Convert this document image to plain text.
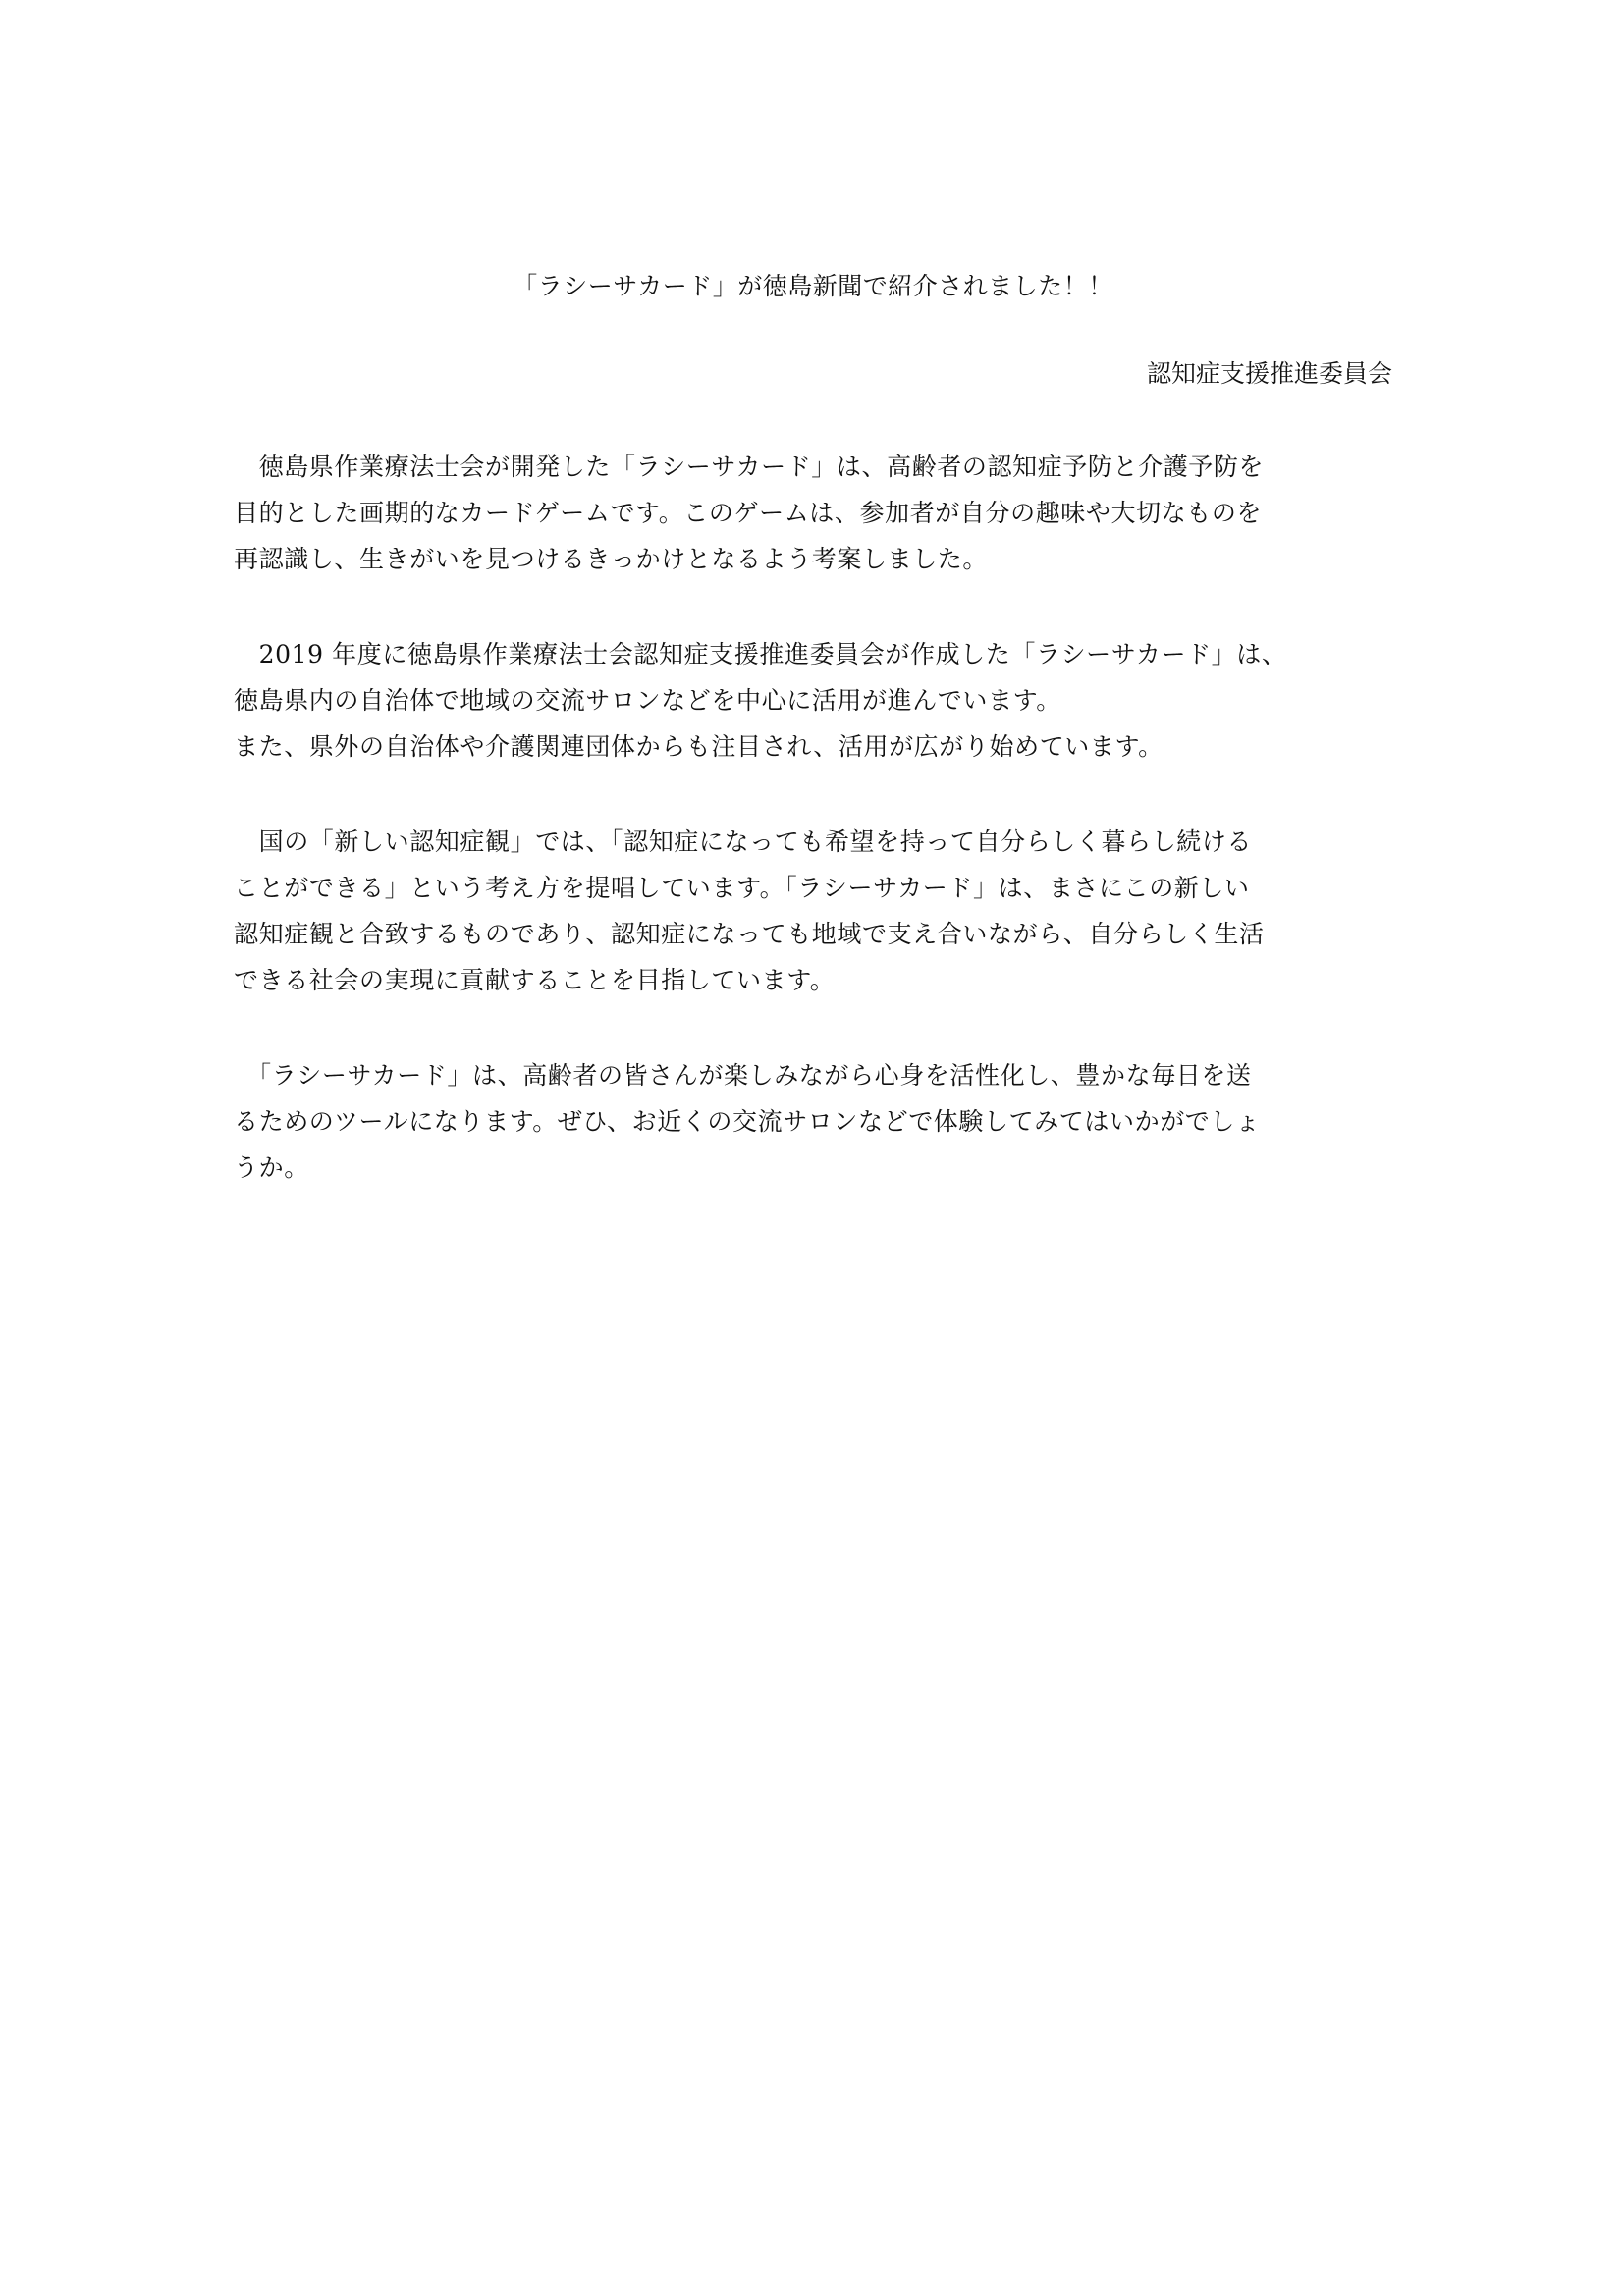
「ラシーサカード」が徳島新聞で紹介されました！！

認知症支援推進委員会

　徳島県作業療法士会が開発した「ラシーサカード」は、高齢者の認知症予防と介護予防を

目的とした画期的なカードゲームです。このゲームは、参加者が自分の趣味や大切なものを

再認識し、生きがいを見つけるきっかけとなるよう考案しました。

　2019 年度に徳島県作業療法士会認知症支援推進委員会が作成した「ラシーサカード」は、

徳島県内の自治体で地域の交流サロンなどを中心に活用が進んでいます。

また、県外の自治体や介護関連団体からも注目され、活用が広がり始めています。

　国の「新しい認知症観」では、「認知症になっても希望を持って自分らしく暮らし続ける

ことができる」という考え方を提唱しています。「ラシーサカード」は、まさにこの新しい

認知症観と合致するものであり、認知症になっても地域で支え合いながら、自分らしく生活

できる社会の実現に貢献することを目指しています。

　「ラシーサカード」は、高齢者の皆さんが楽しみながら心身を活性化し、豊かな毎日を送

るためのツールになります。ぜひ、お近くの交流サロンなどで体験してみてはいかがでしょ

うか。
